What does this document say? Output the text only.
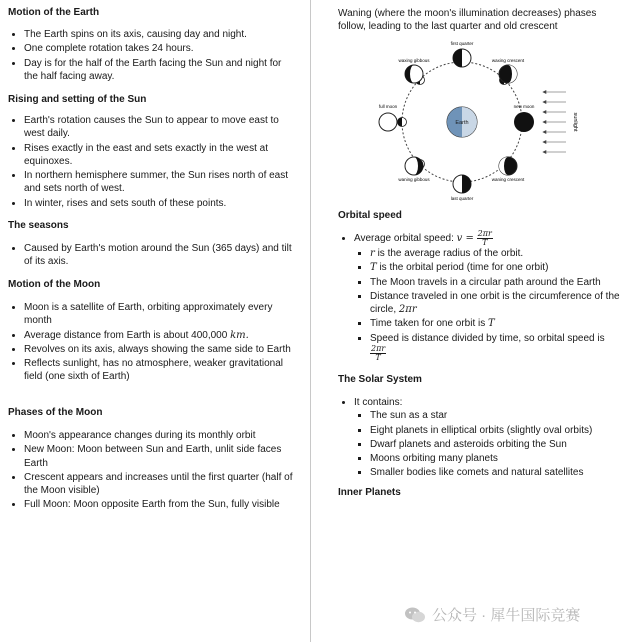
Motion of the Earth
• The Earth spins on its axis, causing day and night.
• One complete rotation takes 24 hours.
• Day is for the half of the Earth facing the Sun and night for the half facing away.
Rising and setting of the Sun
• Earth's rotation causes the Sun to appear to move east to west daily.
• Rises exactly in the east and sets exactly in the west at equinoxes.
• In northern hemisphere summer, the Sun rises north of east and sets north of west.
• In winter, rises and sets south of these points.
The seasons
• Caused by Earth's motion around the Sun (365 days) and tilt of its axis.
Motion of the Moon
• Moon is a satellite of Earth, orbiting approximately every month
• Average distance from Earth is about 400,000 km.
• Revolves on its axis, always showing the same side to Earth
• Reflects sunlight, has no atmosphere, weaker gravitational field (one sixth of Earth)
Phases of the Moon
• Moon's appearance changes during its monthly orbit
• New Moon: Moon between Sun and Earth, unlit side faces Earth
• Crescent appears and increases until the first quarter (half of the Moon visible)
• Full Moon: Moon opposite Earth from the Sun, fully visible

Waning (where the moon's illumination decreases) phases follow, leading to the last quarter and old crescent

Earth
first quarter
waxing gibbous	waxing crescent
full moon	new moon
waning gibbous	waning crescent
last quarter
sunlight
Orbital speed
• Average orbital speed: $v = \frac{2\pi r}{T}$
▪ r is the average radius of the orbit.
▪ T is the orbital period (time for one orbit)
▪ The Moon travels in a circular path around the Earth
▪ Distance traveled in one orbit is the circumference of the circle, 2πr
▪ Time taken for one orbit is T
▪ Speed is distance divided by time, so orbital speed is

$\frac{2\pi r}{T}$
The Solar System
• It contains:
▪ The sun as a star
▪ Eight planets in elliptical orbits (slightly oval orbits)
▪ Dwarf planets and asteroids orbiting the Sun
▪ Moons orbiting many planets
▪ Smaller bodies like comets and natural satellites
Inner Planets
公众号 · 犀牛国际竞赛
